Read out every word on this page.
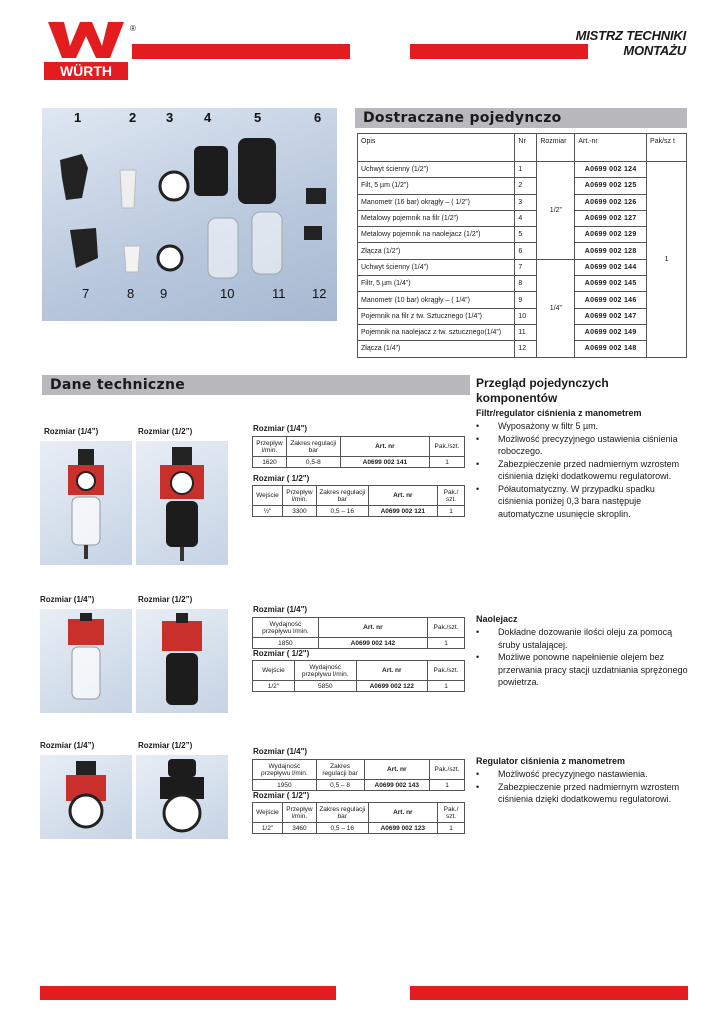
WÜRTH
®	MISTRZ TECHNIKI
MONTAŻU
1	2 3 4	5	6
7	8 9	10	11 12
Dostraczane pojedynczo
Opis	Nr	Rozmiar	Art.-nr	Pak/sz t
Uchwyt ścienny (1/2”)	1	1/2”	A0699 002 124	1
Filt, 5 µm (1/2”)	2		A0699 002 125	
Manometr (16 bar) okrągły – ( 1/2”)	3		A0699 002 126	
Metalowy pojemnik na filr (1/2”)	4		A0699 002 127	
Metalowy pojemnik na naolejacz (1/2”)	5		A0699 002 129	
Złącza (1/2”)	6		A0699 002 128	
Uchwyt ścienny (1/4”)	7	1/4”	A0699 002 144	
Filtr, 5 µm (1/4”)	8		A0699 002 145	
Manometr (10 bar) okrągły – ( 1/4”)	9		A0699 002 146	
Pojemnik na filr z tw. Sztucznego (1/4”)	10		A0699 002 147	
Pojemnik na naolejacz z tw. sztucznego(1/4”)	11		A0699 002 149	
Złącza (1/4”)	12		A0699 002 148	
Dane techniczne
Rozmiar (1/4”)	Rozmiar (1/2”)	Rozmiar (1/4")
Przepływ l/min.	Zakres regulacji bar	Art. nr	Pak./szt.
1620	0,5-8	A0699 002 141	1
Rozmiar ( 1/2")
Wejście	Przepływ l/min.	Zakres regulacji bar	Art. nr	Pak./ szt.
½"	3300	0,5 – 16	A0699 002 121	1
Rozmiar (1/4”)	Rozmiar (1/2”)
Rozmiar (1/4")
Wydajność przepływu l/min.	Art. nr	Pak./szt.
1850	A0699 002 142	1
Rozmiar ( 1/2")
Wejście	Wydajność przepływu l/min.	Art. nr	Pak./szt.
1/2"	5850	A0699 002 122	1
Rozmiar (1/4”)	Rozmiar (1/2”)
Rozmiar (1/4")
Wydajność przepływu l/min.	Zakres regulacji bar	Art. nr	Pak./szt.
1950	0,5 – 8	A0699 002 143	1
Rozmiar ( 1/2")
Wejście	Przepływ l/min.	Zakres regulacji bar	Art. nr	Pak./ szt.
1/2"	3460	0,5 – 16	A0699 002 123	1
Przegląd pojedynczych
komponentów
Filtr/regulator ciśnienia z manometrem
• Wyposażony w filtr 5 µm.
• Możliwość precyzyjnego ustawienia ciśnienia roboczego.
• Zabezpieczenie przed nadmiernym wzrostem ciśnienia dzięki dodatkowemu regulatorowi.
• Półautomatyczny. W przypadku spadku ciśnienia poniżej 0,3 bara następuje automatyczne usunięcie skroplin.
Naolejacz
• Dokładne dozowanie ilości oleju za pomocą śruby ustalającej.
• Możliwe ponowne napełnienie olejem bez przerwania pracy stacji uzdatniania sprężonego powietrza.
Regulator ciśnienia z manometrem
• Możliwość precyzyjnego nastawienia.
• Zabezpieczenie przed nadmiernym wzrostem ciśnienia dzięki dodatkowemu regulatorowi.
